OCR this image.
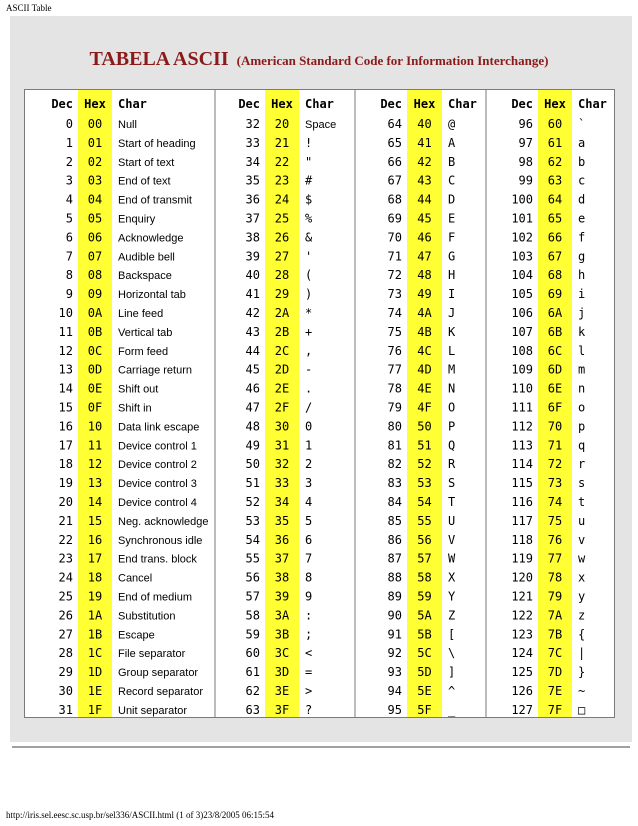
ASCII Table
TABELA ASCII (American Standard Code for Information Interchange)
Dec Hex Char
0 00 Null
1 01 Start of heading
2 02 Start of text
3 03 End of text
4 04 End of transmit
5 05 Enquiry
6 06 Acknowledge
7 07 Audible bell
8 08 Backspace
9 09 Horizontal tab
10 0A Line feed
11 0B Vertical tab
12 0C Form feed
13 0D Carriage return
14 0E Shift out
15 0F Shift in
16 10 Data link escape
17 11 Device control 1
18 12 Device control 2
19 13 Device control 3
20 14 Device control 4
21 15 Neg. acknowledge
22 16 Synchronous idle
23 17 End trans. block
24 18 Cancel
25 19 End of medium
26 1A Substitution
27 1B Escape
28 1C File separator
29 1D Group separator
30 1E Record separator
31 1F Unit separator
Dec Hex Char
32 20 Space
33 21 !
34 22 "
35 23 #
36 24 $
37 25 %
38 26 &
39 27 '
40 28 (
41 29 )
42 2A *
43 2B +
44 2C ,
45 2D -
46 2E .
47 2F /
48 30 0
49 31 1
50 32 2
51 33 3
52 34 4
53 35 5
54 36 6
55 37 7
56 38 8
57 39 9
58 3A :
59 3B ;
60 3C <
61 3D =
62 3E >
63 3F ?
Dec Hex Char
64 40 @
65 41 A
66 42 B
67 43 C
68 44 D
69 45 E
70 46 F
71 47 G
72 48 H
73 49 I
74 4A J
75 4B K
76 4C L
77 4D M
78 4E N
79 4F O
80 50 P
81 51 Q
82 52 R
83 53 S
84 54 T
85 55 U
86 56 V
87 57 W
88 58 X
89 59 Y
90 5A Z
91 5B [
92 5C \
93 5D ]
94 5E ^
95 5F _
Dec Hex Char
96 60 `
97 61 a
98 62 b
99 63 c
100 64 d
101 65 e
102 66 f
103 67 g
104 68 h
105 69 i
106 6A j
107 6B k
108 6C l
109 6D m
110 6E n
111 6F o
112 70 p
113 71 q
114 72 r
115 73 s
116 74 t
117 75 u
118 76 v
119 77 w
120 78 x
121 79 y
122 7A z
123 7B {
124 7C |
125 7D }
126 7E ~
127 7F □
http://iris.sel.eesc.sc.usp.br/sel336/ASCII.html (1 of 3)23/8/2005 06:15:54
